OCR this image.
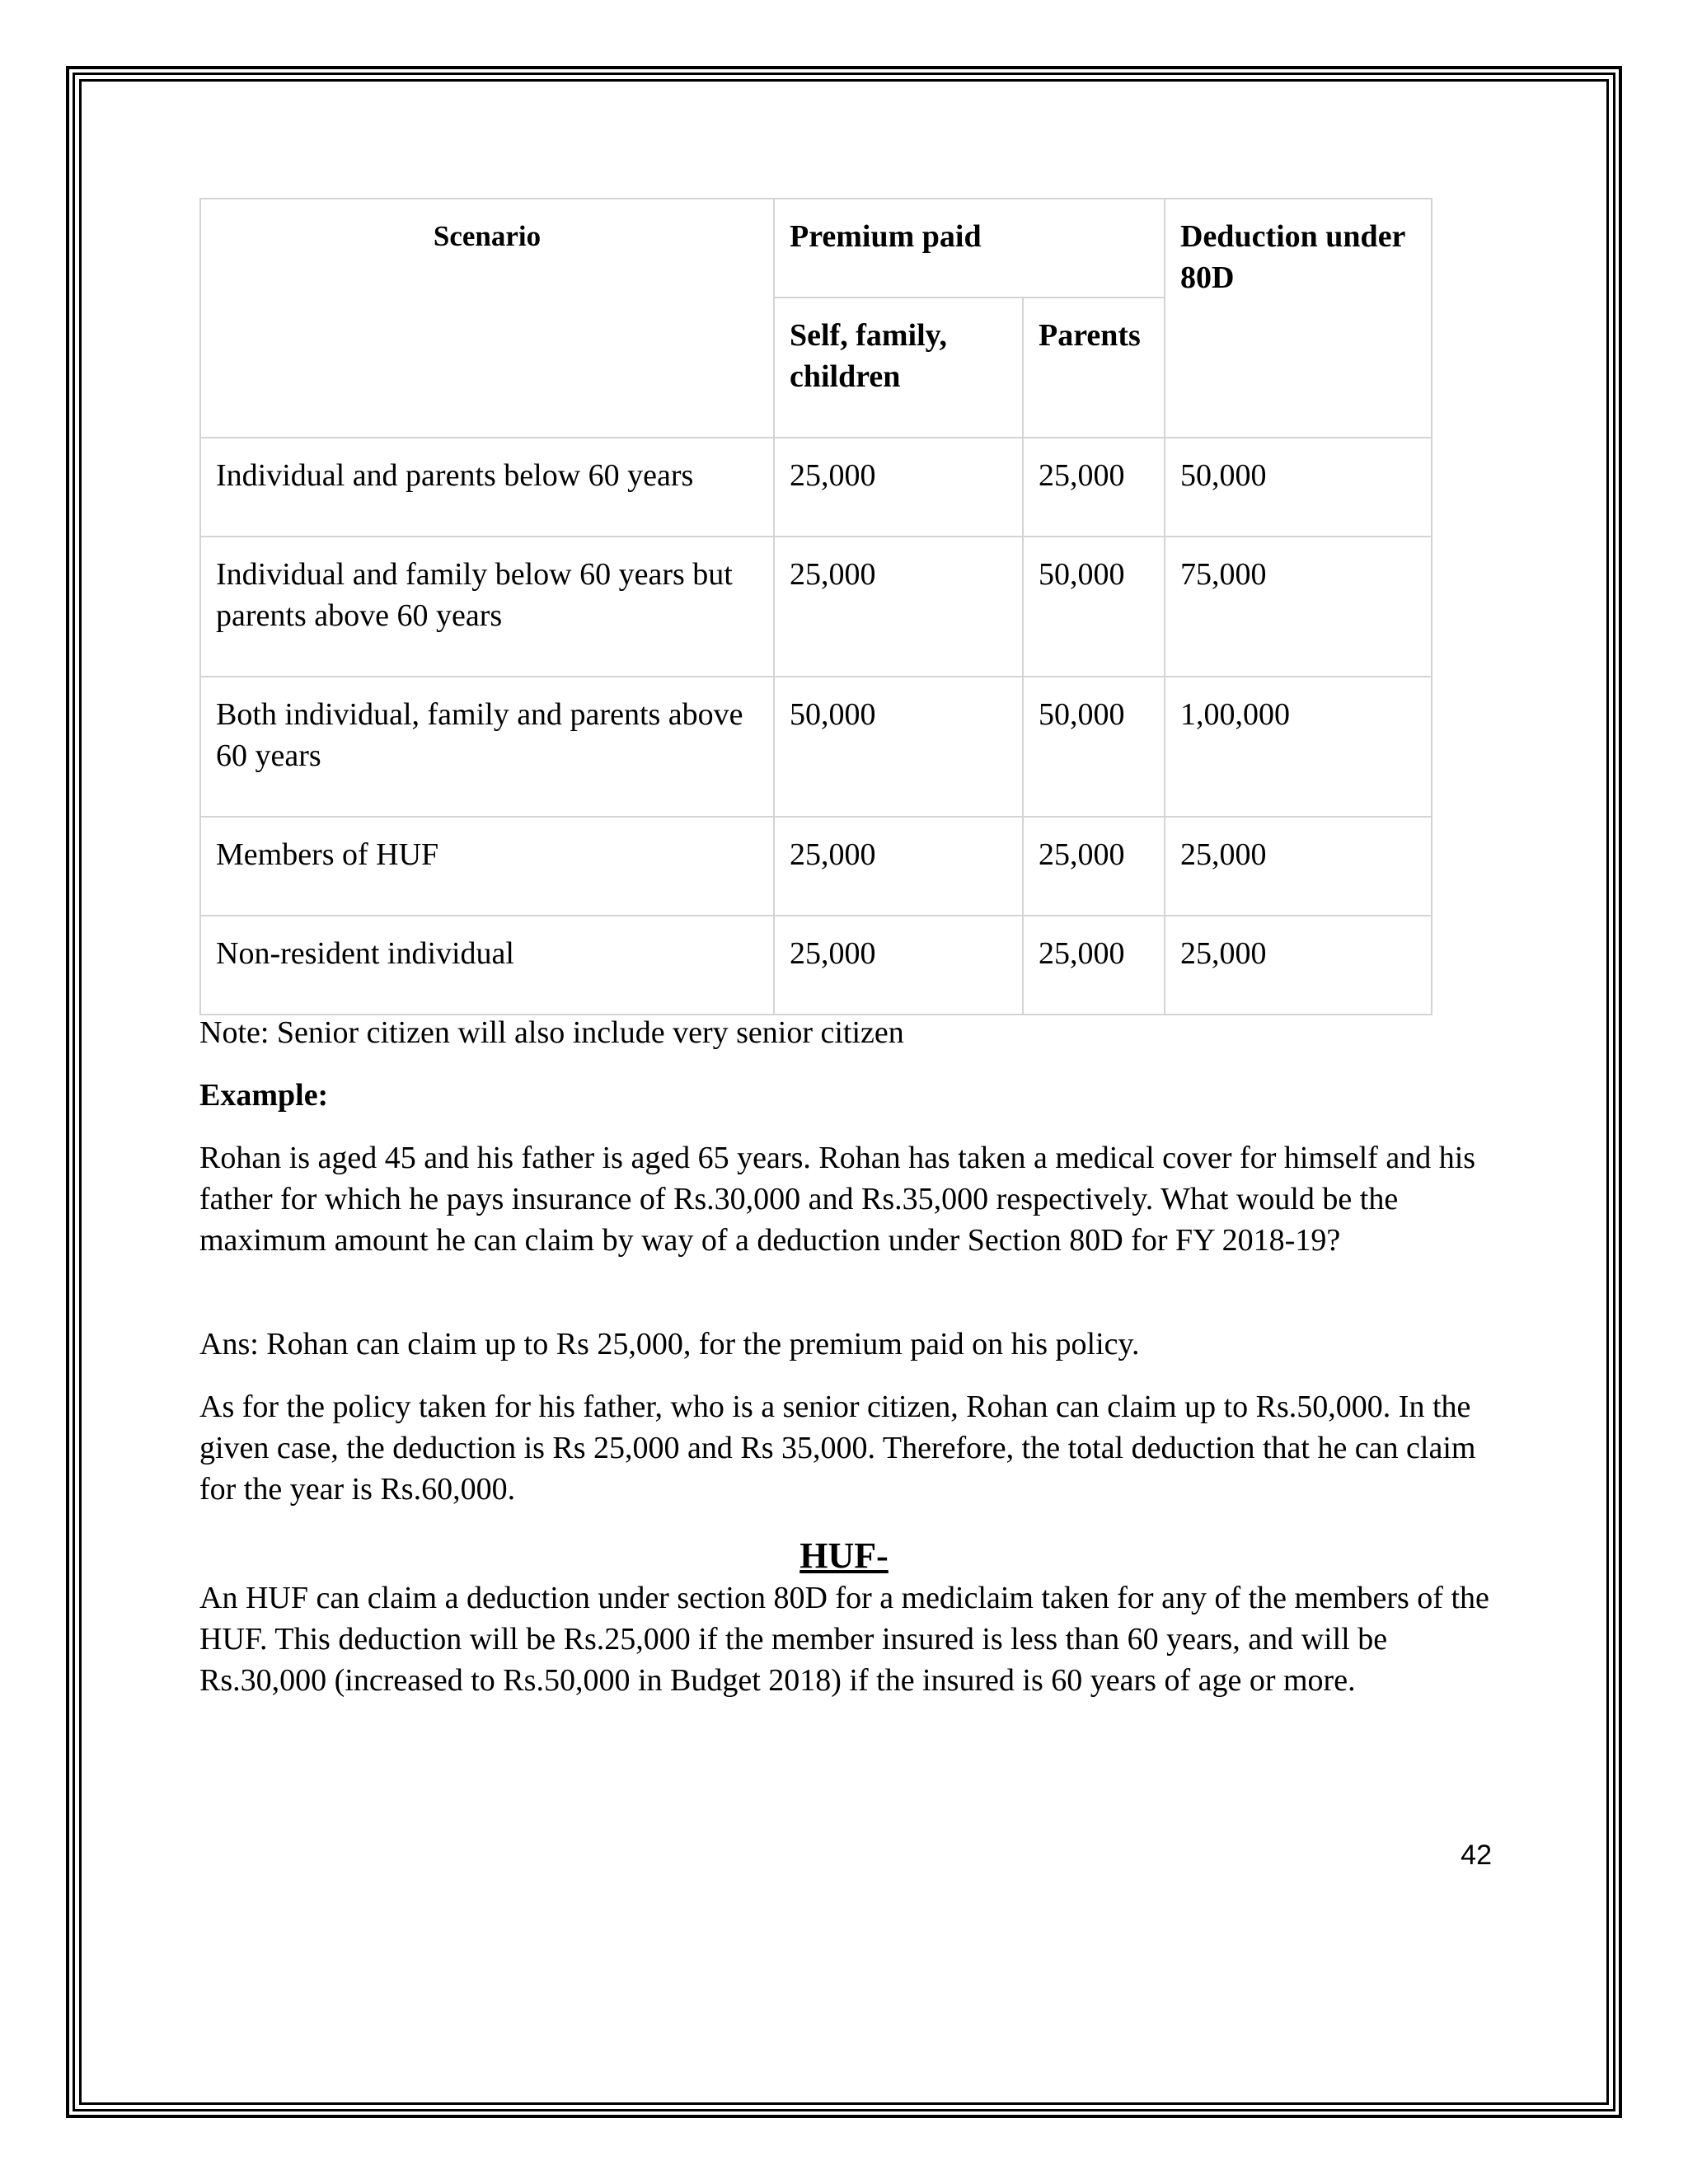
Scenario	Premium paid		Deduction under 80D
	Self, family, children	Parents	
Individual and parents below 60 years	25,000	25,000	50,000
Individual and family below 60 years but parents above 60 years	25,000	50,000	75,000
Both individual, family and parents above 60 years	50,000	50,000	1,00,000
Members of HUF	25,000	25,000	25,000
Non-resident individual	25,000	25,000	25,000

Note: Senior citizen will also include very senior citizen

Example:

Rohan is aged 45 and his father is aged 65 years. Rohan has taken a medical cover for himself and his father for which he pays insurance of Rs.30,000 and Rs.35,000 respectively. What would be the maximum amount he can claim by way of a deduction under Section 80D for FY 2018-19?

Ans: Rohan can claim up to Rs 25,000, for the premium paid on his policy.

As for the policy taken for his father, who is a senior citizen, Rohan can claim up to Rs.50,000. In the given case, the deduction is Rs 25,000 and Rs 35,000. Therefore, the total deduction that he can claim for the year is Rs.60,000.

HUF-

An HUF can claim a deduction under section 80D for a mediclaim taken for any of the members of the HUF. This deduction will be Rs.25,000 if the member insured is less than 60 years, and will be Rs.30,000 (increased to Rs.50,000 in Budget 2018) if the insured is 60 years of age or more.

42
